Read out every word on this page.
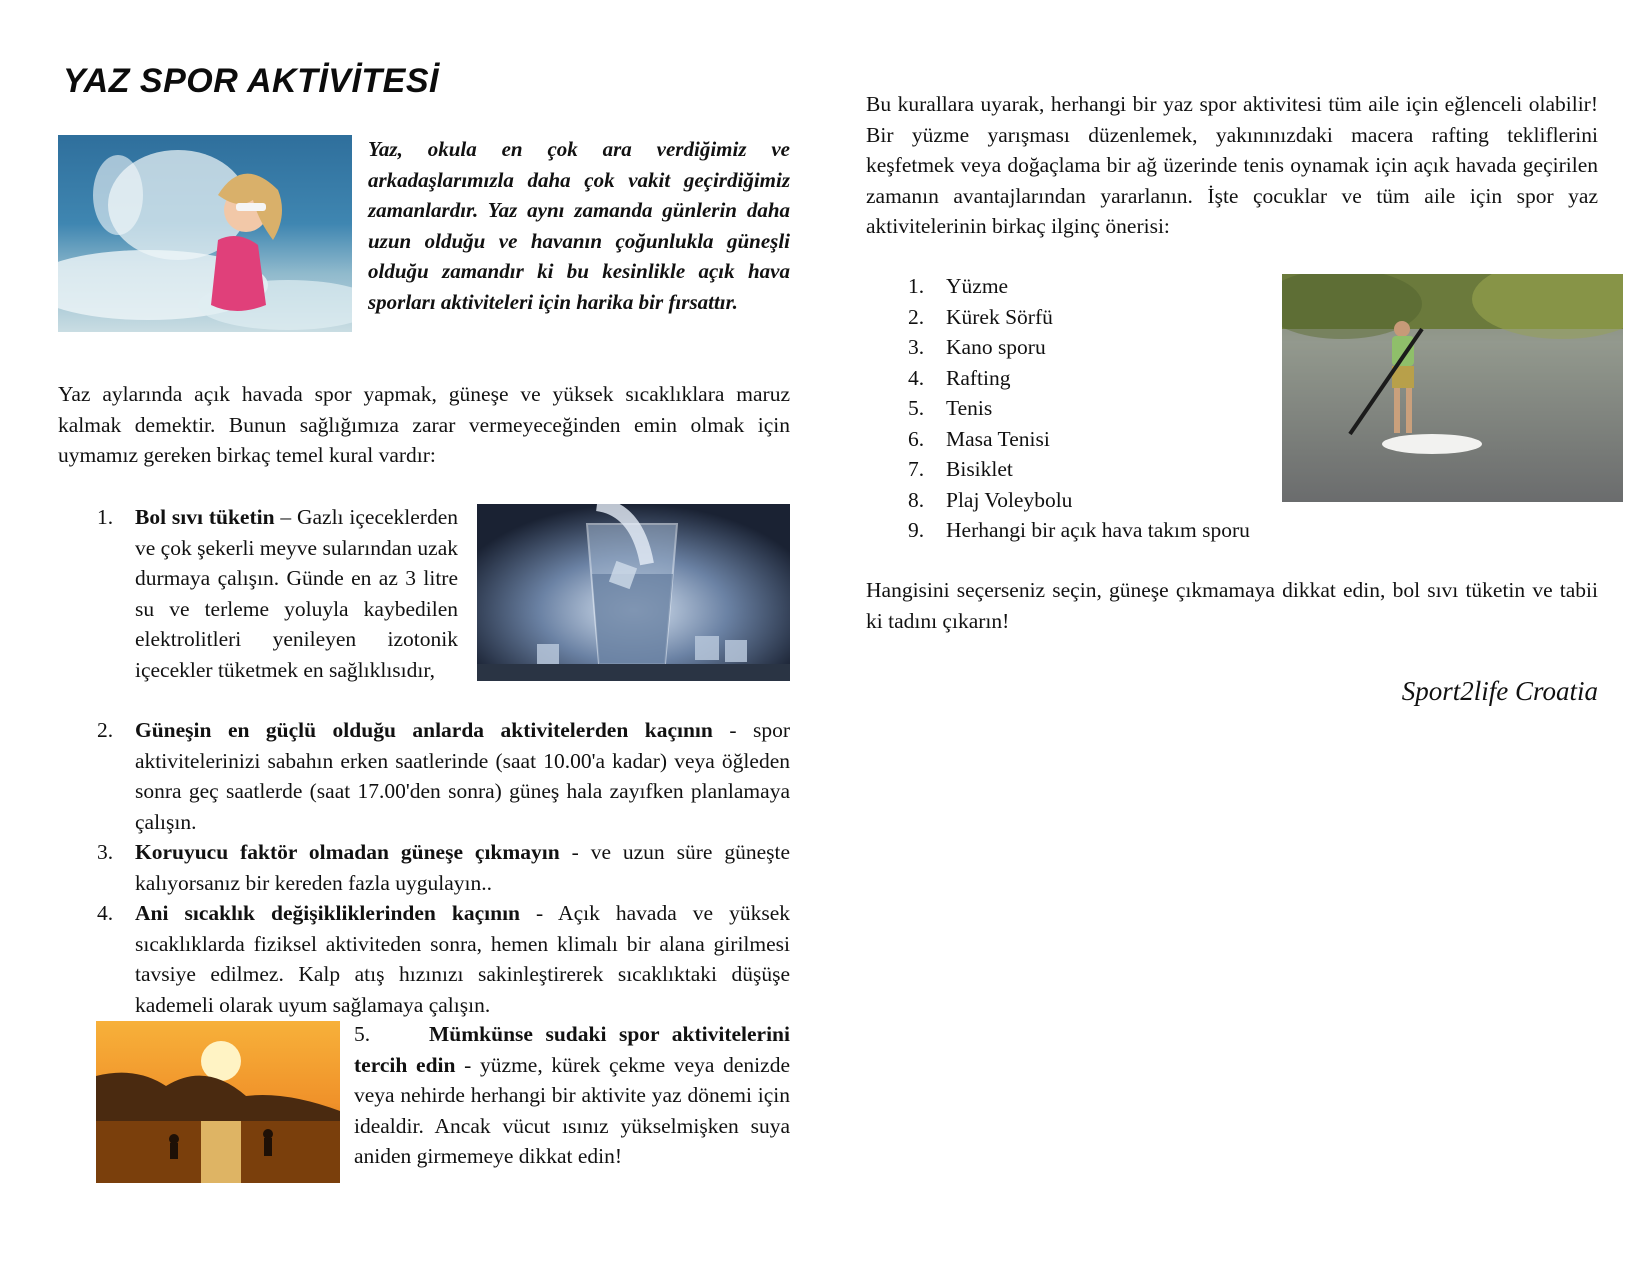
YAZ SPOR AKTİVİTESİ

Yaz, okula en çok ara verdiğimiz ve arkadaşlarımızla daha çok vakit geçirdiğimiz zamanlardır. Yaz aynı zamanda günlerin daha uzun olduğu ve havanın çoğunlukla güneşli olduğu zamandır ki bu kesinlikle açık hava sporları aktiviteleri için harika bir fırsattır.

Yaz aylarında açık havada spor yapmak, güneşe ve yüksek sıcaklıklara maruz kalmak demektir. Bunun sağlığımıza zarar vermeyeceğinden emin olmak için uymamız gereken birkaç temel kural vardır:

1. Bol sıvı tüketin – Gazlı içeceklerden ve çok şekerli meyve sularından uzak durmaya çalışın. Günde en az 3 litre su ve terleme yoluyla kaybedilen elektrolitleri yenileyen izotonik içecekler tüketmek en sağlıklısıdır,

2. Güneşin en güçlü olduğu anlarda aktivitelerden kaçının - spor aktivitelerinizi sabahın erken saatlerinde (saat 10.00'a kadar) veya öğleden sonra geç saatlerde (saat 17.00'den sonra) güneş hala zayıfken planlamaya çalışın.

3. Koruyucu faktör olmadan güneşe çıkmayın - ve uzun süre güneşte kalıyorsanız bir kereden fazla uygulayın..

4. Ani sıcaklık değişikliklerinden kaçının - Açık havada ve yüksek sıcaklıklarda fiziksel aktiviteden sonra, hemen klimalı bir alana girilmesi tavsiye edilmez. Kalp atış hızınızı sakinleştirerek sıcaklıktaki düşüşe kademeli olarak uyum sağlamaya çalışın.

5.	Mümkünse sudaki spor aktivitelerini tercih edin - yüzme, kürek çekme veya denizde veya nehirde herhangi bir aktivite yaz dönemi için idealdir. Ancak vücut ısınız yükselmişken suya aniden girmemeye dikkat edin!

Bu kurallara uyarak, herhangi bir yaz spor aktivitesi tüm aile için eğlenceli olabilir! Bir yüzme yarışması düzenlemek, yakınınızdaki macera rafting tekliflerini keşfetmek veya doğaçlama bir ağ üzerinde tenis oynamak için açık havada geçirilen zamanın avantajlarından yararlanın. İşte çocuklar ve tüm aile için spor yaz aktivitelerinin birkaç ilginç önerisi:

1. Yüzme
2. Kürek Sörfü
3. Kano sporu
4. Rafting
5. Tenis
6. Masa Tenisi
7. Bisiklet
8. Plaj Voleybolu
9. Herhangi bir açık hava takım sporu

Hangisini seçerseniz seçin, güneşe çıkmamaya dikkat edin, bol sıvı tüketin ve tabii ki tadını çıkarın!

Sport2life Croatia
